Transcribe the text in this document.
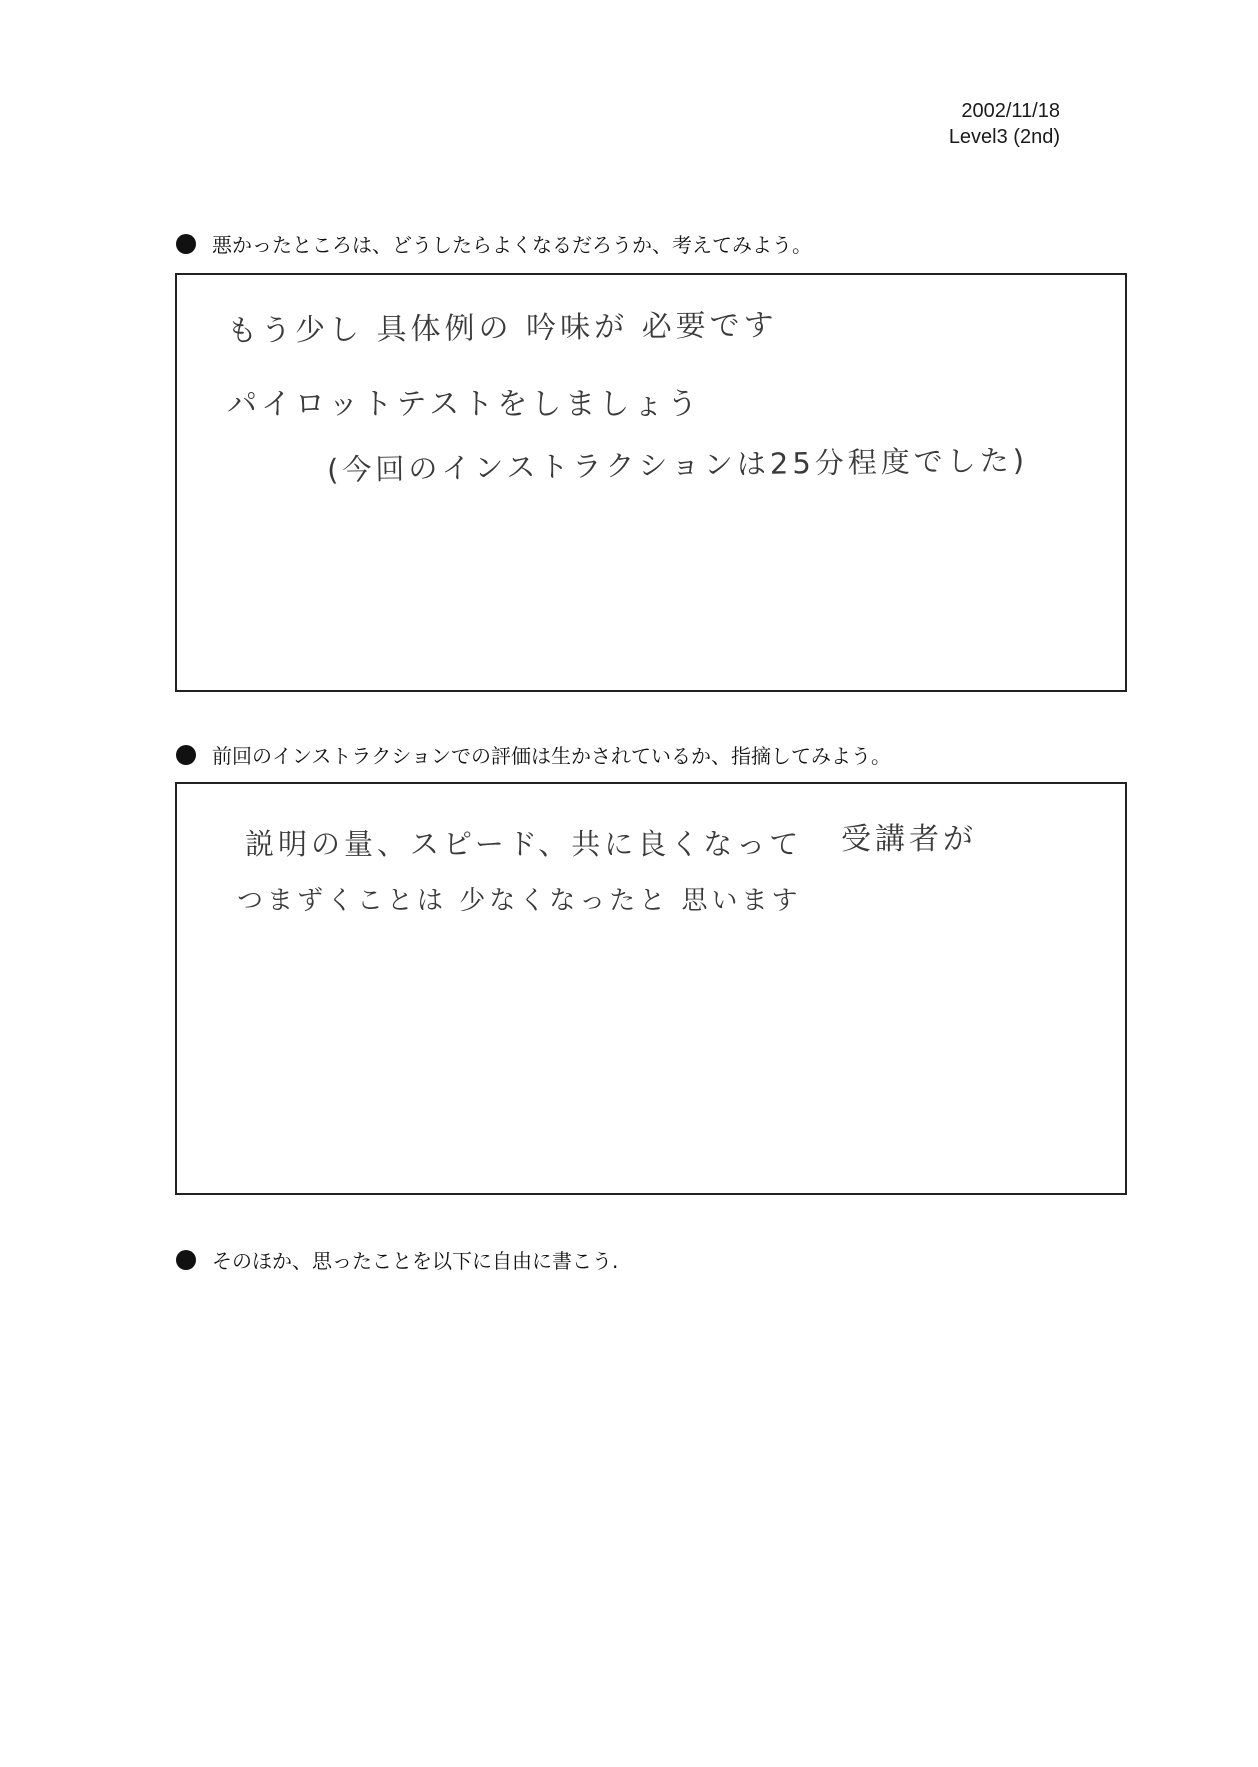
2002/11/18
Level3 (2nd)
悪かったところは、どうしたらよくなるだろうか、考えてみよう。
もう少し 具体例の 吟味が 必要です
パイロットテストをしましょう
(今回のインストラクションは25分程度でした)
前回のインストラクションでの評価は生かされているか、指摘してみよう。
説明の量、スピード、共に良くなって 受講者が
つまずくことは 少なくなったと 思います
そのほか、思ったことを以下に自由に書こう.
